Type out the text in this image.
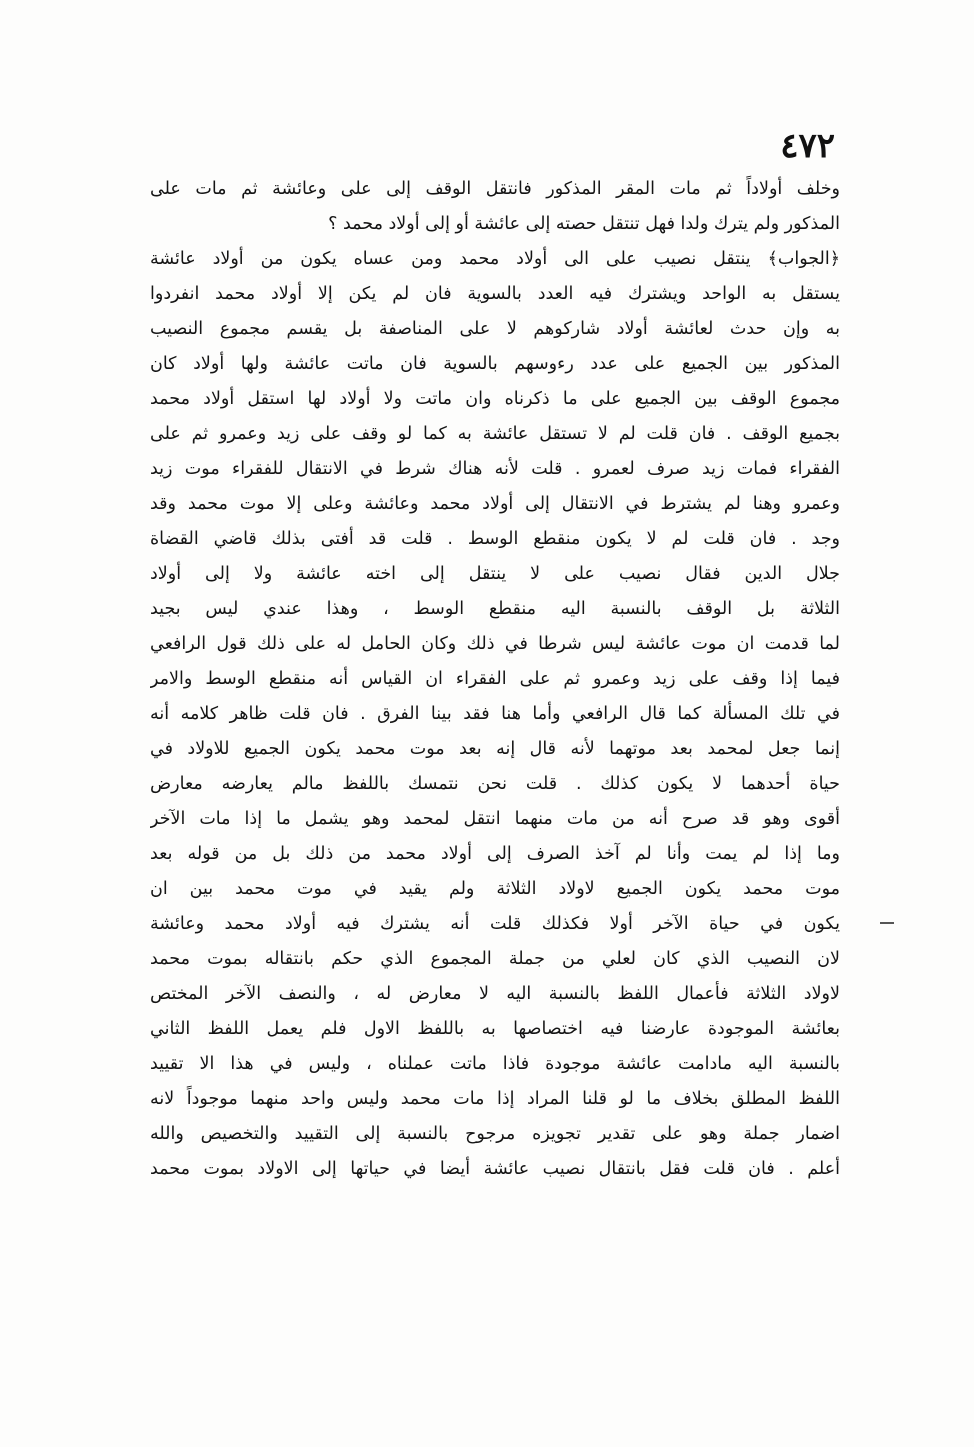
٤٧٢
وخلف أولاداً ثم مات المقر المذكور فانتقل الوقف إلى على وعائشة ثم مات على
المذكور ولم يترك ولدا فهل تنتقل حصته إلى عائشة أو إلى أولاد محمد ؟
﴿الجواب﴾ ينتقل نصيب على الى أولاد محمد ومن عساه يكون من أولاد عائشة
يستقل به الواحد ويشترك فيه العدد بالسوية فان لم يكن إلا أولاد محمد انفردوا
به وإن حدث لعائشة أولاد شاركوهم لا على المناصفة بل يقسم مجموع النصيب
المذكور بين الجميع على عدد رءوسهم بالسوية فان ماتت عائشة ولها أولاد كان
مجموع الوقف بين الجميع على ما ذكرناه وان ماتت ولا أولاد لها استقل أولاد محمد
بجميع الوقف . فان قلت لم لا تستقل عائشة به كما لو وقف على زيد وعمرو ثم على
الفقراء فمات زيد صرف لعمرو . قلت لأنه هناك شرط في الانتقال للفقراء موت زيد
وعمرو وهنا لم يشترط في الانتقال إلى أولاد محمد وعائشة وعلى إلا موت محمد وقد
وجد . فان قلت لم لا يكون منقطع الوسط . قلت قد أفتى بذلك قاضي القضاة
جلال الدين فقال نصيب على لا ينتقل إلى اخته عائشة ولا إلى أولاد
الثلاثة بل الوقف بالنسبة اليه منقطع الوسط ، وهذا عندي ليس بجيد
لما قدمت ان موت عائشة ليس شرطا في ذلك وكان الحامل له على ذلك قول الرافعي
فيما إذا وقف على زيد وعمرو ثم على الفقراء ان القياس أنه منقطع الوسط والامر
في تلك المسألة كما قال الرافعي وأما هنا فقد بينا الفرق . فان قلت ظاهر كلامه أنه
إنما جعل لمحمد بعد موتهما لأنه قال إنه بعد موت محمد يكون الجميع للاولاد في
حياة أحدهما لا يكون كذلك . قلت نحن نتمسك باللفظ مالم يعارضه معارض
أقوى وهو قد صرح أنه من مات منهما انتقل لمحمد وهو يشمل ما إذا مات الآخر
وما إذا لم يمت وأنا لم آخذ الصرف إلى أولاد محمد من ذلك بل من قوله بعد
موت محمد يكون الجميع لاولاد الثلاثة ولم يقيد في موت محمد بين ان
يكون في حياة الآخر أولا فكذلك قلت أنه يشترك فيه أولاد محمد وعائشة
لان النصيب الذي كان لعلي من جملة المجموع الذي حكم بانتقاله بموت محمد
لاولاد الثلاثة فأعمال اللفظ بالنسبة اليه لا معارض له ، والنصف الآخر المختص
بعائشة الموجودة عارضنا فيه اختصاصها به باللفظ الاول فلم يعمل اللفظ الثاني
بالنسبة اليه مادامت عائشة موجودة فاذا ماتت عملناه ، وليس في هذا الا تقييد
اللفظ المطلق بخلاف ما لو قلنا المراد إذا مات محمد وليس واحد منهما موجوداً لانه
اضمار جملة وهو على تقدير تجويزه مرجوح بالنسبة إلى التقييد والتخصيص والله
أعلم . فان قلت فقل بانتقال نصيب عائشة أيضا في حياتها إلى الاولاد بموت محمد
